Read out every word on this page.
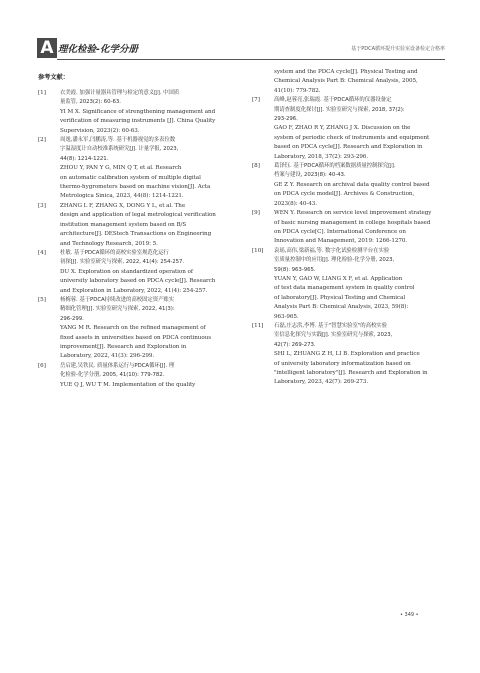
A 理化检验-化学分册	基于PDCA循环提升实验室设备检定合格率
参考文献：
[1]	衣美霞. 加强计量器具管理与检定的意义[J]. 中国质
量监管, 2023(2): 60-63.
YI M X. Significance of strengthening management and
verification of measuring instruments [J]. China Quality
Supervision, 2023(2): 60-63.
[2]	周逸,潘永军,闫鹏涛,等. 基于机器视觉的多表位数
字温湿度计自动校准系统研究[J]. 计量学报, 2023,
44(8): 1214-1221.
ZHOU Y, PAN Y G, MIN Q T, et al. Research
on automatic calibration system of multiple digital
thermo-hygrometers based on machine vision[J]. Acta
Metrologica Sinica, 2023, 44(8): 1214-1221.
[3]	ZHANG L F, ZHANG X, DONG Y L, et al. The
design and application of legal metrological verification
institution management system based on B/S
architecture[J]. DEStech Transactions on Engineering
and Technology Research, 2019: 5.
[4]	杜敏. 基于PDCA循环的高校实验室规范化运行
初探[J]. 实验室研究与探索, 2022, 41(4): 254-257.
DU X. Exploration on standardized operation of
university laboratory based on PDCA cycle[J]. Research
and Exploration in Laboratory, 2022, 41(4): 254-257.
[5]	杨梅蓉. 基于PDCA持续改进的高校固定资产账实
精细化管理[J]. 实验室研究与探索, 2022, 41(3):
296-299.
YANG M R. Research on the refined management of
fixed assets in universities based on PDCA continuous
improvement[J]. Research and Exploration in
Laboratory, 2022, 41(3): 296-299.
[6]	岳启建,吴铁民. 质量体系运行与PDCA循环[J]. 理
化检验-化学分册, 2005, 41(10): 779-782.
YUE Q J, WU T M. Implementation of the quality
system and the PDCA cycle[J]. Physical Testing and
Chemical Analysis Part B: Chemical Analysis, 2005,
41(10): 779-782.
[7]	高峰,赵蓉亮,张瑞霞. 基于PDCA循环的仪器设备定
期请查制度化探讨[J]. 实验室研究与探索, 2018, 37(2):
293-296.
GAO F, ZHAO R Y, ZHANG J X. Discussion on the
system of periodic check of instruments and equipment
based on PDCA cycle[J]. Research and Exploration in
Laboratory, 2018, 37(2): 293-296.
[8]	葛泽钰. 基于PDCA循环的档案数据质量控制探究[J].
档案与建设, 2023(8): 40-43.
GE Z Y. Research on archival data quality control based
on PDCA cycle model[J]. Archives & Construction,
2023(8): 40-43.
[9]	WEN Y. Research on service level improvement strategy
of basic nursing management in college hospitals based
on PDCA cycle[C]. International Conference on
Innovation and Management, 2019: 1266-1270.
[10]	袁瑶,高伟,梁新福,等. 数字化试验检测平台在实验
室质量控制中的应用[J]. 理化检验-化学分册, 2023,
59(8): 963-965.
YUAN Y, GAO W, LIANG X F, et al. Application
of test data management system in quality control
of laboratory[J]. Physical Testing and Chemical
Analysis Part B: Chemical Analysis, 2023, 59(8):
963-965.
[11]	石磊,庄志洪,李博. 基于"智慧实验室"的高校实验
室信息化探究与实践[J]. 实验室研究与探索, 2023,
42(7): 269-273.
SHI L, ZHUANG Z H, LI B. Exploration and practice
of university laboratory informatization based on
"intelligent laboratory"[J]. Research and Exploration in
Laboratory, 2023, 42(7): 269-273.
• 349 •
